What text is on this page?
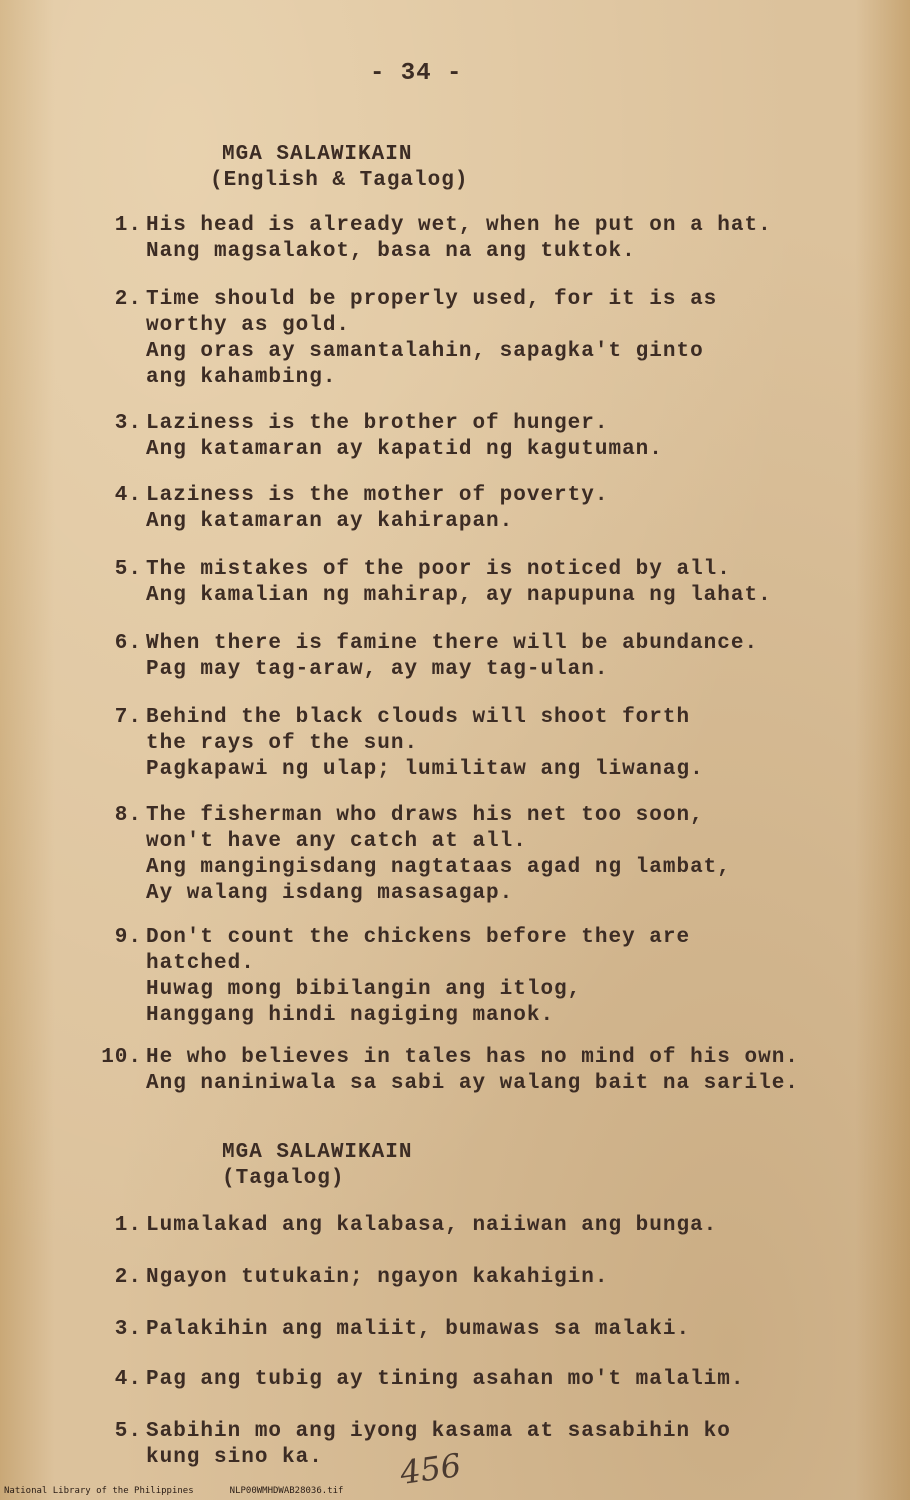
- 34 -
MGA SALAWIKAIN
(English & Tagalog)
1. His head is already wet, when he put on a hat.
Nang magsalakot, basa na ang tuktok.
2. Time should be properly used, for it is as
worthy as gold.
Ang oras ay samantalahin, sapagka't ginto
ang kahambing.
3. Laziness is the brother of hunger.
Ang katamaran ay kapatid ng kagutuman.
4. Laziness is the mother of poverty.
Ang katamaran ay kahirapan.
5. The mistakes of the poor is noticed by all.
Ang kamalian ng mahirap, ay napupuna ng lahat.
6. When there is famine there will be abundance.
Pag may tag-araw, ay may tag-ulan.
7. Behind the black clouds will shoot forth
the rays of the sun.
Pagkapawi ng ulap; lumilitaw ang liwanag.
8. The fisherman who draws his net too soon,
won't have any catch at all.
Ang mangingisdang nagtataas agad ng lambat,
Ay walang isdang masasagap.
9. Don't count the chickens before they are
hatched.
Huwag mong bibilangin ang itlog,
Hanggang hindi nagiging manok.
10. He who believes in tales has no mind of his own.
Ang naniniwala sa sabi ay walang bait na sarile.
MGA SALAWIKAIN
(Tagalog)
1. Lumalakad ang kalabasa, naiiwan ang bunga.
2. Ngayon tutukain; ngayon kakahigin.
3. Palakihin ang maliit, bumawas sa malaki.
4. Pag ang tubig ay tining asahan mo't malalim.
5. Sabihin mo ang iyong kasama at sasabihin ko
kung sino ka.	456
National Library of the Philippines	NLP00WMHDWAB28036.tif
